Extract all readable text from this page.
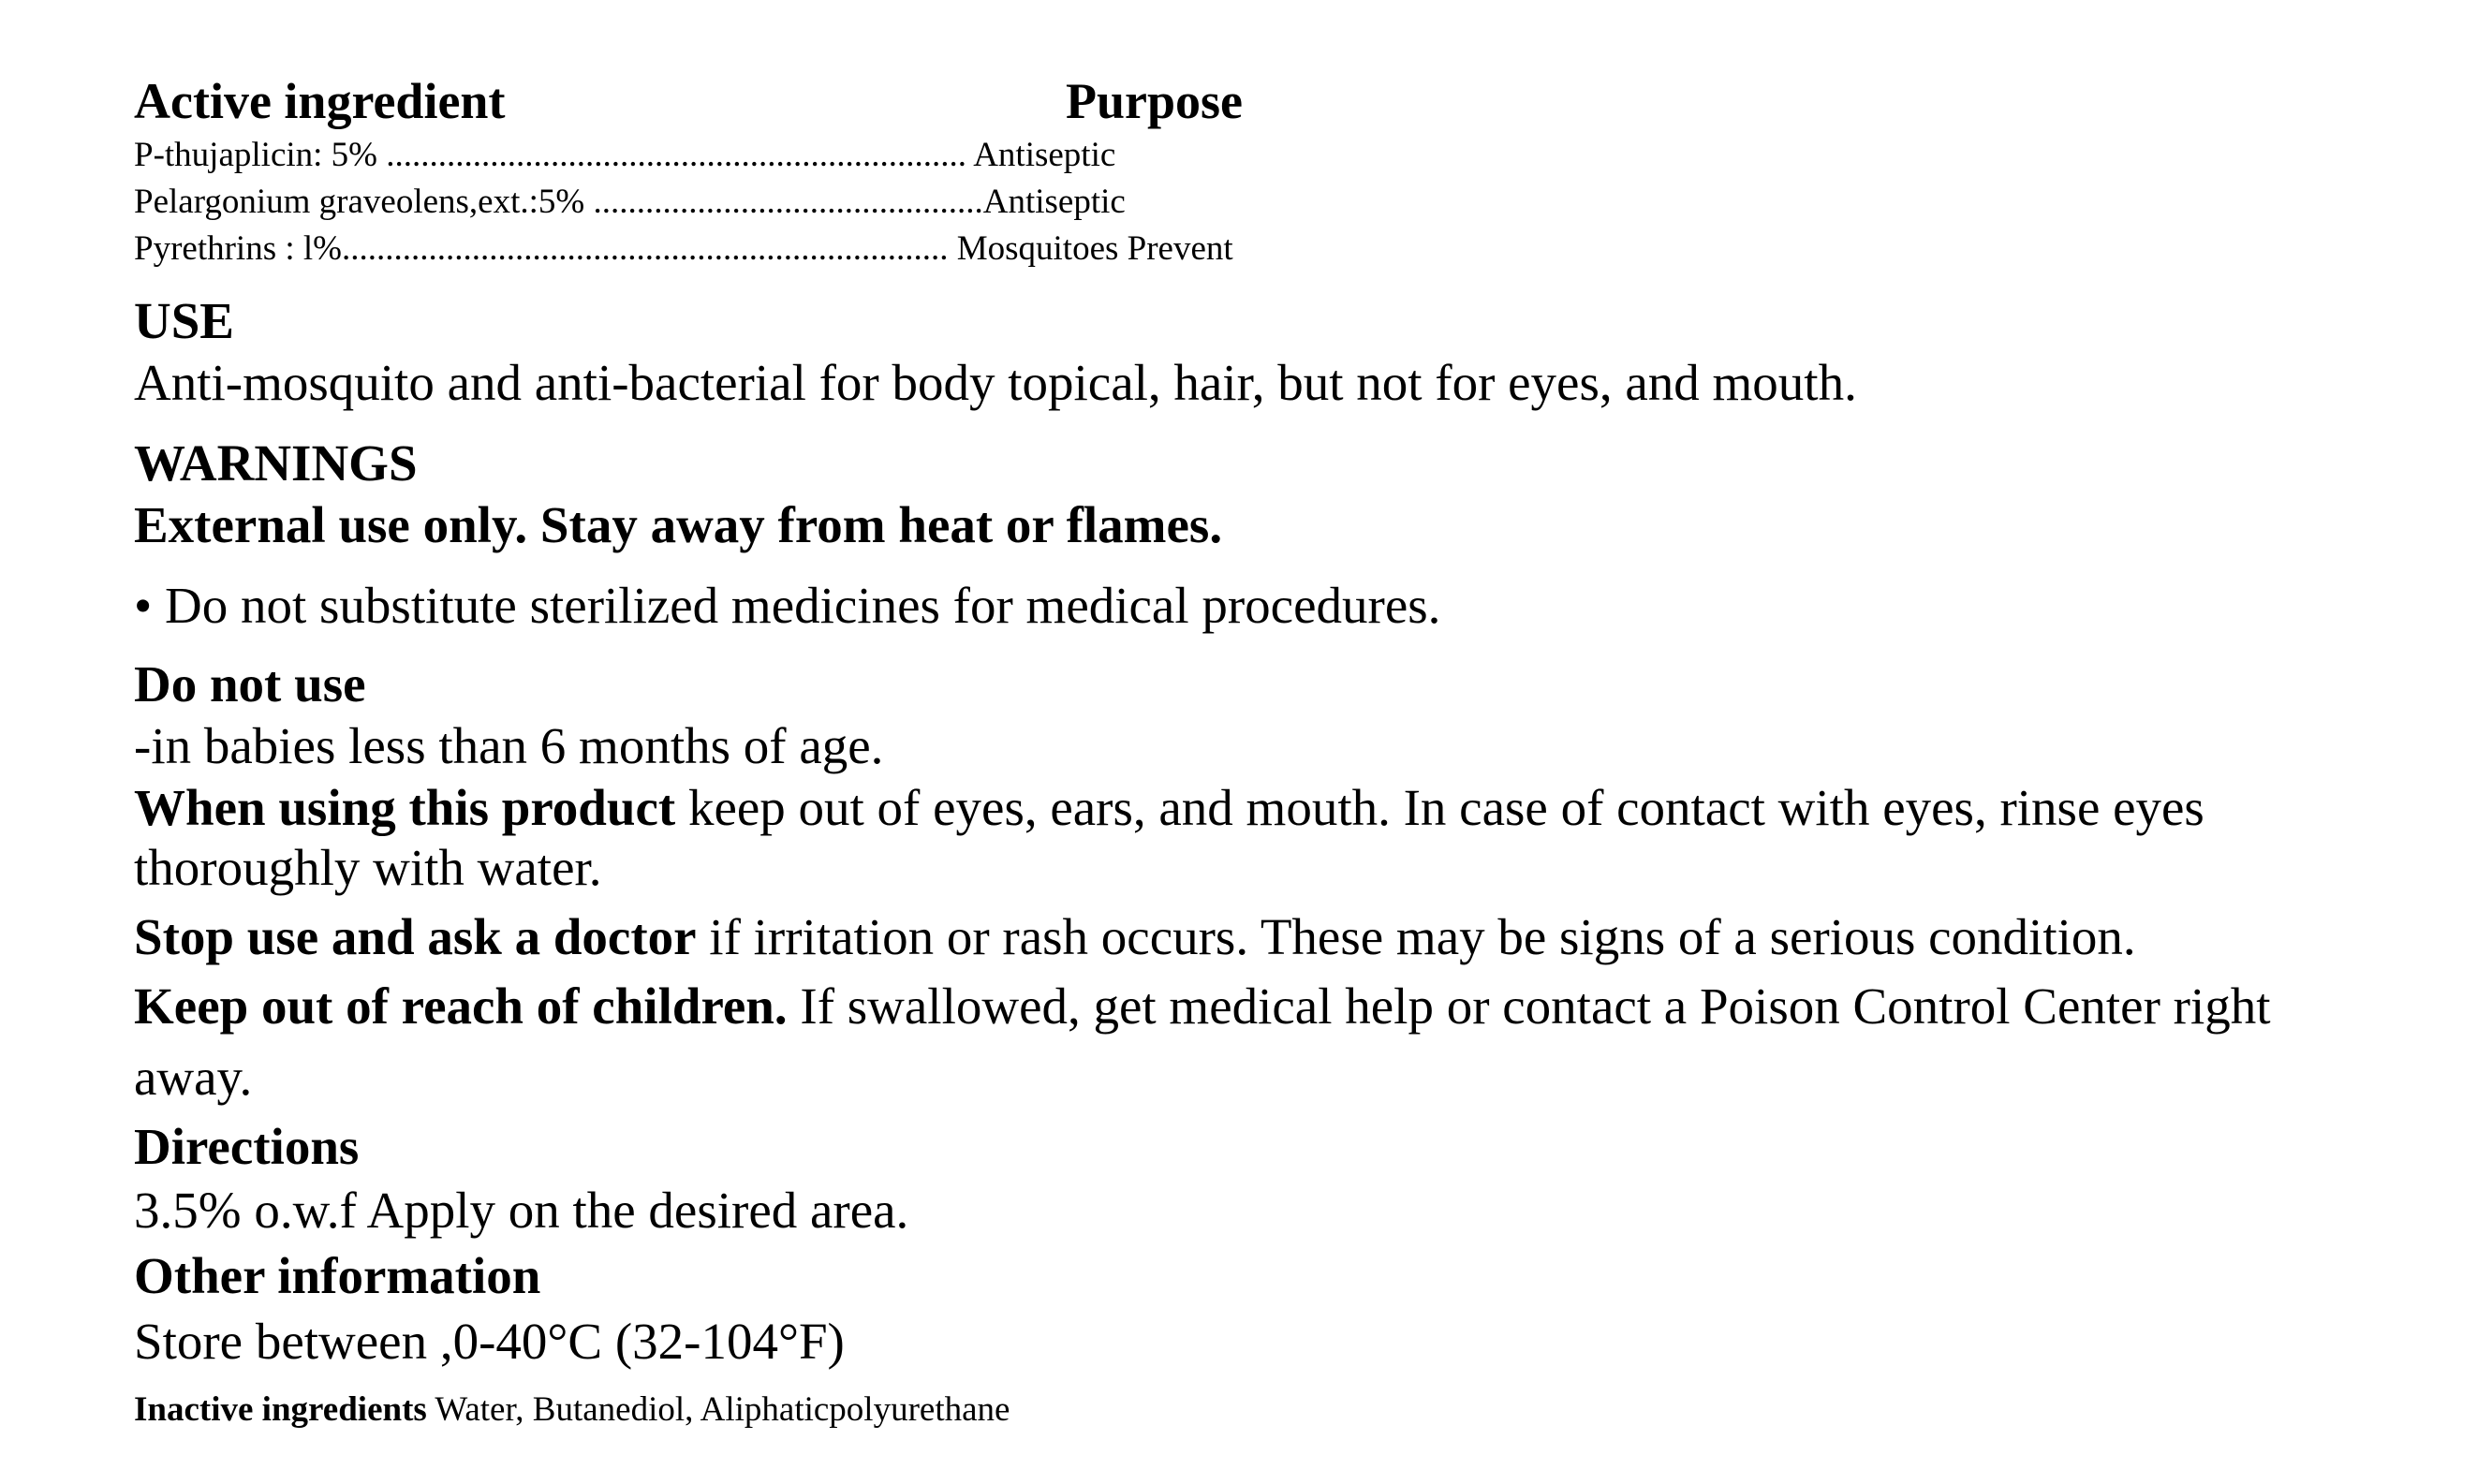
Active ingredient	Purpose
P-thujaplicin: 5% ................................................................... Antiseptic
Pelargonium graveolens,ext.:5% .............................................Antiseptic
Pyrethrins : l%...................................................................... Mosquitoes Prevent
USE
Anti-mosquito and anti-bacterial for body topical, hair, but not for eyes, and mouth.
WARNINGS
External use only. Stay away from heat or flames.
• Do not substitute sterilized medicines for medical procedures.
Do not use
-in babies less than 6 months of age.
When using this product keep out of eyes, ears, and mouth. In case of contact with eyes, rinse eyes
thoroughly with water.
Stop use and ask a doctor if irritation or rash occurs. These may be signs of a serious condition.
Keep out of reach of children. If swallowed, get medical help or contact a Poison Control Center right
away.
Directions
3.5% o.w.f Apply on the desired area.
Other information
Store between ,0-40°C (32-104°F)
Inactive ingredients Water, Butanediol, Aliphaticpolyurethane
